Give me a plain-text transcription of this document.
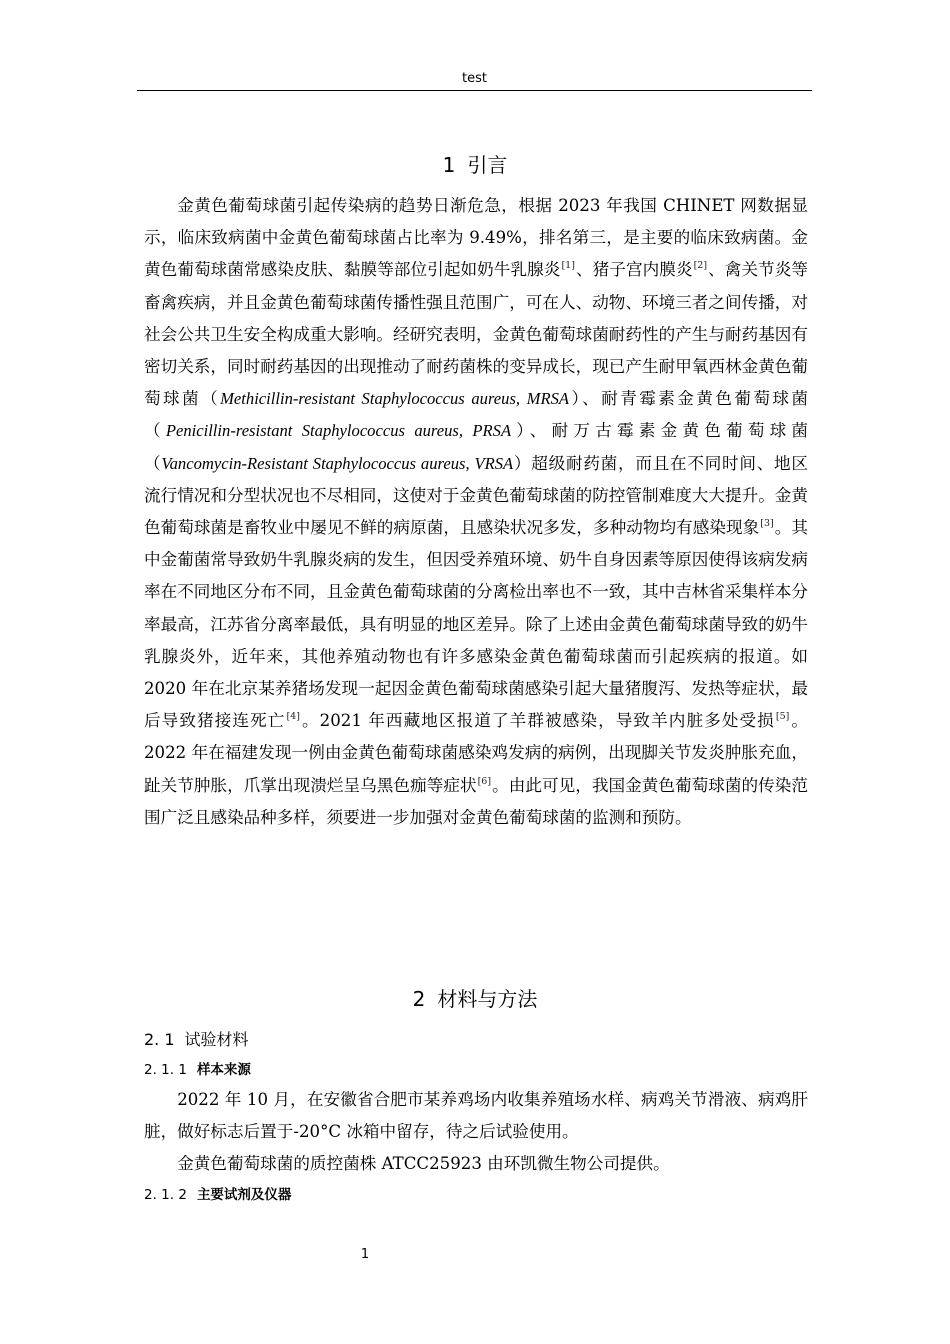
test
1 引言

金黄色葡萄球菌引起传染病的趋势日渐危急，根据 2023 年我国 CHINET 网数据显示，临床致病菌中金黄色葡萄球菌占比率为 9.49%，排名第三，是主要的临床致病菌。金黄色葡萄球菌常感染皮肤、黏膜等部位引起如奶牛乳腺炎[1]、猪子宫内膜炎[2]、禽关节炎等畜禽疾病，并且金黄色葡萄球菌传播性强且范围广，可在人、动物、环境三者之间传播，对社会公共卫生安全构成重大影响。经研究表明，金黄色葡萄球菌耐药性的产生与耐药基因有密切关系，同时耐药基因的出现推动了耐药菌株的变异成长，现已产生耐甲氧西林金黄色葡萄球菌（Methicillin-resistant Staphylococcus aureus, MRSA）、耐青霉素金黄色葡萄球菌（Penicillin-resistant Staphylococcus aureus, PRSA）、耐万古霉素金黄色葡萄球菌（Vancomycin-Resistant Staphylococcus aureus, VRSA）超级耐药菌，而且在不同时间、地区流行情况和分型状况也不尽相同，这使对于金黄色葡萄球菌的防控管制难度大大提升。金黄色葡萄球菌是畜牧业中屡见不鲜的病原菌，且感染状况多发，多种动物均有感染现象[3]。其中金葡菌常导致奶牛乳腺炎病的发生，但因受养殖环境、奶牛自身因素等原因使得该病发病率在不同地区分布不同，且金黄色葡萄球菌的分离检出率也不一致，其中吉林省采集样本分率最高，江苏省分离率最低，具有明显的地区差异。除了上述由金黄色葡萄球菌导致的奶牛乳腺炎外，近年来，其他养殖动物也有许多感染金黄色葡萄球菌而引起疾病的报道。如 2020 年在北京某养猪场发现一起因金黄色葡萄球菌感染引起大量猪腹泻、发热等症状，最后导致猪接连死亡[4]。2021 年西藏地区报道了羊群被感染，导致羊内脏多处受损[5]。2022 年在福建发现一例由金黄色葡萄球菌感染鸡发病的病例，出现脚关节发炎肿胀充血，趾关节肿胀，爪掌出现溃烂呈乌黑色痂等症状[6]。由此可见，我国金黄色葡萄球菌的传染范围广泛且感染品种多样，须要进一步加强对金黄色葡萄球菌的监测和预防。

2 材料与方法
2. 1 试验材料
2. 1. 1 样本来源

2022 年 10 月，在安徽省合肥市某养鸡场内收集养殖场水样、病鸡关节滑液、病鸡肝脏，做好标志后置于-20°C 冰箱中留存，待之后试验使用。

金黄色葡萄球菌的质控菌株 ATCC25923 由环凯微生物公司提供。

2. 1. 2 主要试剂及仪器
1
